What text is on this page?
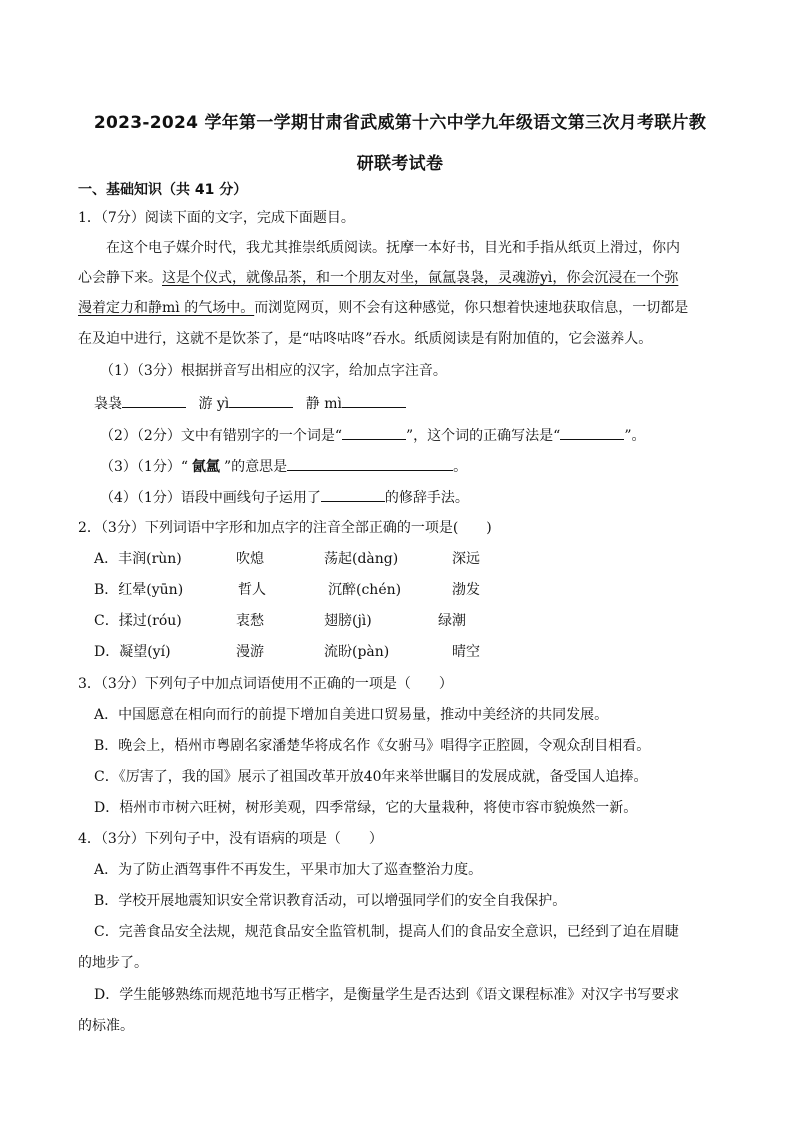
2023-2024 学年第一学期甘肃省武威第十六中学九年级语文第三次月考联片教
研联考试卷
一、基础知识（共 41 分）
1．（7分）阅读下面的文字，完成下面题目。
在这个电子媒介时代，我尤其推崇纸质阅读。抚摩一本好书，目光和手指从纸页上滑过，你内
心会静下来。这是个仪式，就像品茶，和一个朋友对坐，氤氲袅袅，灵魂游yì，你会沉浸在一个弥
漫着定力和静mì 的气场中。而浏览网页，则不会有这种感觉，你只想着快速地获取信息，一切都是
在及迫中进行，这就不是饮茶了，是“咕咚咕咚”吞水。纸质阅读是有附加值的，它会滋养人。
（1）（3分）根据拼音写出相应的汉字，给加点字注音。
袅袅	游 yì	静 mì
（2）（2分）文中有错别字的一个词是“	”，这个词的正确写法是“	”。
（3）（1分）“ 氤氲 ”的意思是	。
（4）（1分）语段中画线句子运用了	的修辞手法。
2．（3分）下列词语中字形和加点字的注音全部正确的一项是(　　)
A．丰润(rùn)	吹熄	荡起(dàng)	深远
B．红晕(yūn)	哲人	沉醉(chén)	渤发
C．揉过(róu)	衷愁	翅膀(jì)	绿潮
D．凝望(yí)	漫游	流盼(pàn)	晴空
3．（3分）下列句子中加点词语使用不正确的一项是（　　）
A．中国愿意在相向而行的前提下增加自美进口贸易量，推动中美经济的共同发展。
B．晚会上，梧州市粤剧名家潘楚华将成名作《女驸马》唱得字正腔圆，令观众刮目相看。
C．《厉害了，我的国》展示了祖国改革开放40年来举世瞩目的发展成就，备受国人追捧。
D．梧州市市树六旺树，树形美观，四季常绿，它的大量栽种，将使市容市貌焕然一新。
4．（3分）下列句子中，没有语病的项是（　　）
A．为了防止酒驾事件不再发生，平果市加大了巡查整治力度。
B．学校开展地震知识安全常识教育活动，可以增强同学们的安全自我保护。
C．完善食品安全法规，规范食品安全监管机制，提高人们的食品安全意识，已经到了迫在眉睫
的地步了。
D．学生能够熟练而规范地书写正楷字，是衡量学生是否达到《语文课程标准》对汉字书写要求
的标准。
